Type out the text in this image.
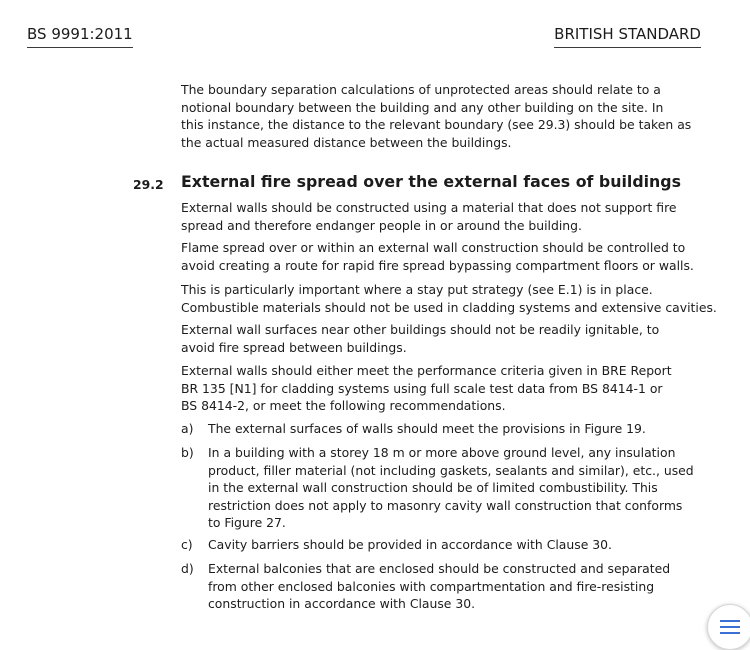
BS 9991:2011	BRITISH STANDARD

The boundary separation calculations of unprotected areas should relate to a
notional boundary between the building and any other building on the site. In
this instance, the distance to the relevant boundary (see 29.3) should be taken as
the actual measured distance between the buildings.

29.2 External fire spread over the external faces of buildings

External walls should be constructed using a material that does not support fire
spread and therefore endanger people in or around the building.

Flame spread over or within an external wall construction should be controlled to
avoid creating a route for rapid fire spread bypassing compartment floors or walls.

This is particularly important where a stay put strategy (see E.1) is in place.
Combustible materials should not be used in cladding systems and extensive cavities.

External wall surfaces near other buildings should not be readily ignitable, to
avoid fire spread between buildings.

External walls should either meet the performance criteria given in BRE Report
BR 135 [N1] for cladding systems using full scale test data from BS 8414-1 or
BS 8414-2, or meet the following recommendations.

a) The external surfaces of walls should meet the provisions in Figure 19.
b) In a building with a storey 18 m or more above ground level, any insulation
product, filler material (not including gaskets, sealants and similar), etc., used
in the external wall construction should be of limited combustibility. This
restriction does not apply to masonry cavity wall construction that conforms
to Figure 27.
c) Cavity barriers should be provided in accordance with Clause 30.
d) External balconies that are enclosed should be constructed and separated
from other enclosed balconies with compartmentation and fire-resisting
construction in accordance with Clause 30.
